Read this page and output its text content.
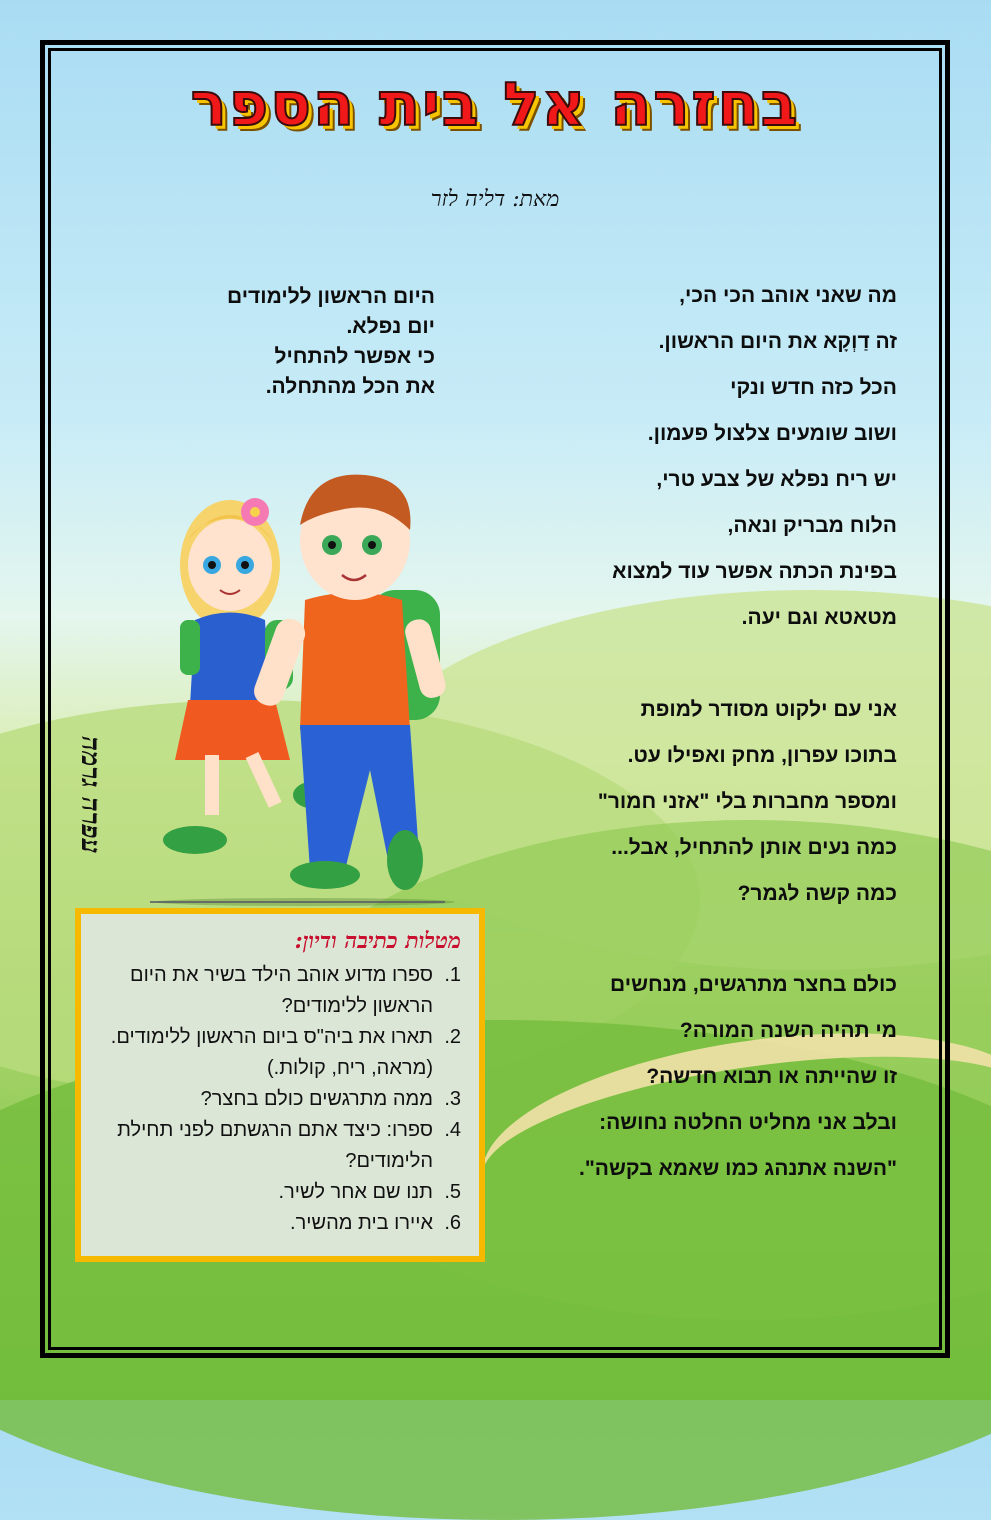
בחזרה אל בית הספר
מאת: דליה לזר
מה שאני אוהב הכי הכי,
זה דַוְקָא את היום הראשון.
הכל כזה חדש ונקי
ושוב שומעים צלצול פעמון.
יש ריח נפלא של צבע טרי,
הלוח מבריק ונאה,
בפינת הכתה אפשר עוד למצוא
מטאטא וגם יעה.
אני עם ילקוט מסודר למופת
בתוכו עפרון, מחק ואפילו עט.
ומספר מחברות בלי "אזני חמור"
כמה נעים אותן להתחיל, אבל...
כמה קשה לגמר?
כולם בחצר מתרגשים, מנחשים
מי תהיה השנה המורה?
זו שהייתה או תבוא חדשה?
ובלב אני מחליט החלטה נחושה:
"השנה אתנהג כמו שאמא בקשה".
היום הראשון ללימודים
יום נפלא.
כי אפשר להתחיל
את הכל מהתחלה.
עפרה גרמה
מטלות כתיבה ודיון:
1.
ספרו מדוע אוהב הילד בשיר את היום הראשון ללימודים?
2.
תארו את ביה"ס ביום הראשון ללימודים.(מראה, ריח, קולות.)
3.
ממה מתרגשים כולם בחצר?
4.
ספרו: כיצד אתם הרגשתם לפני תחילת הלימודים?
5.
תנו שם אחר לשיר.
6.
איירו בית מהשיר.
